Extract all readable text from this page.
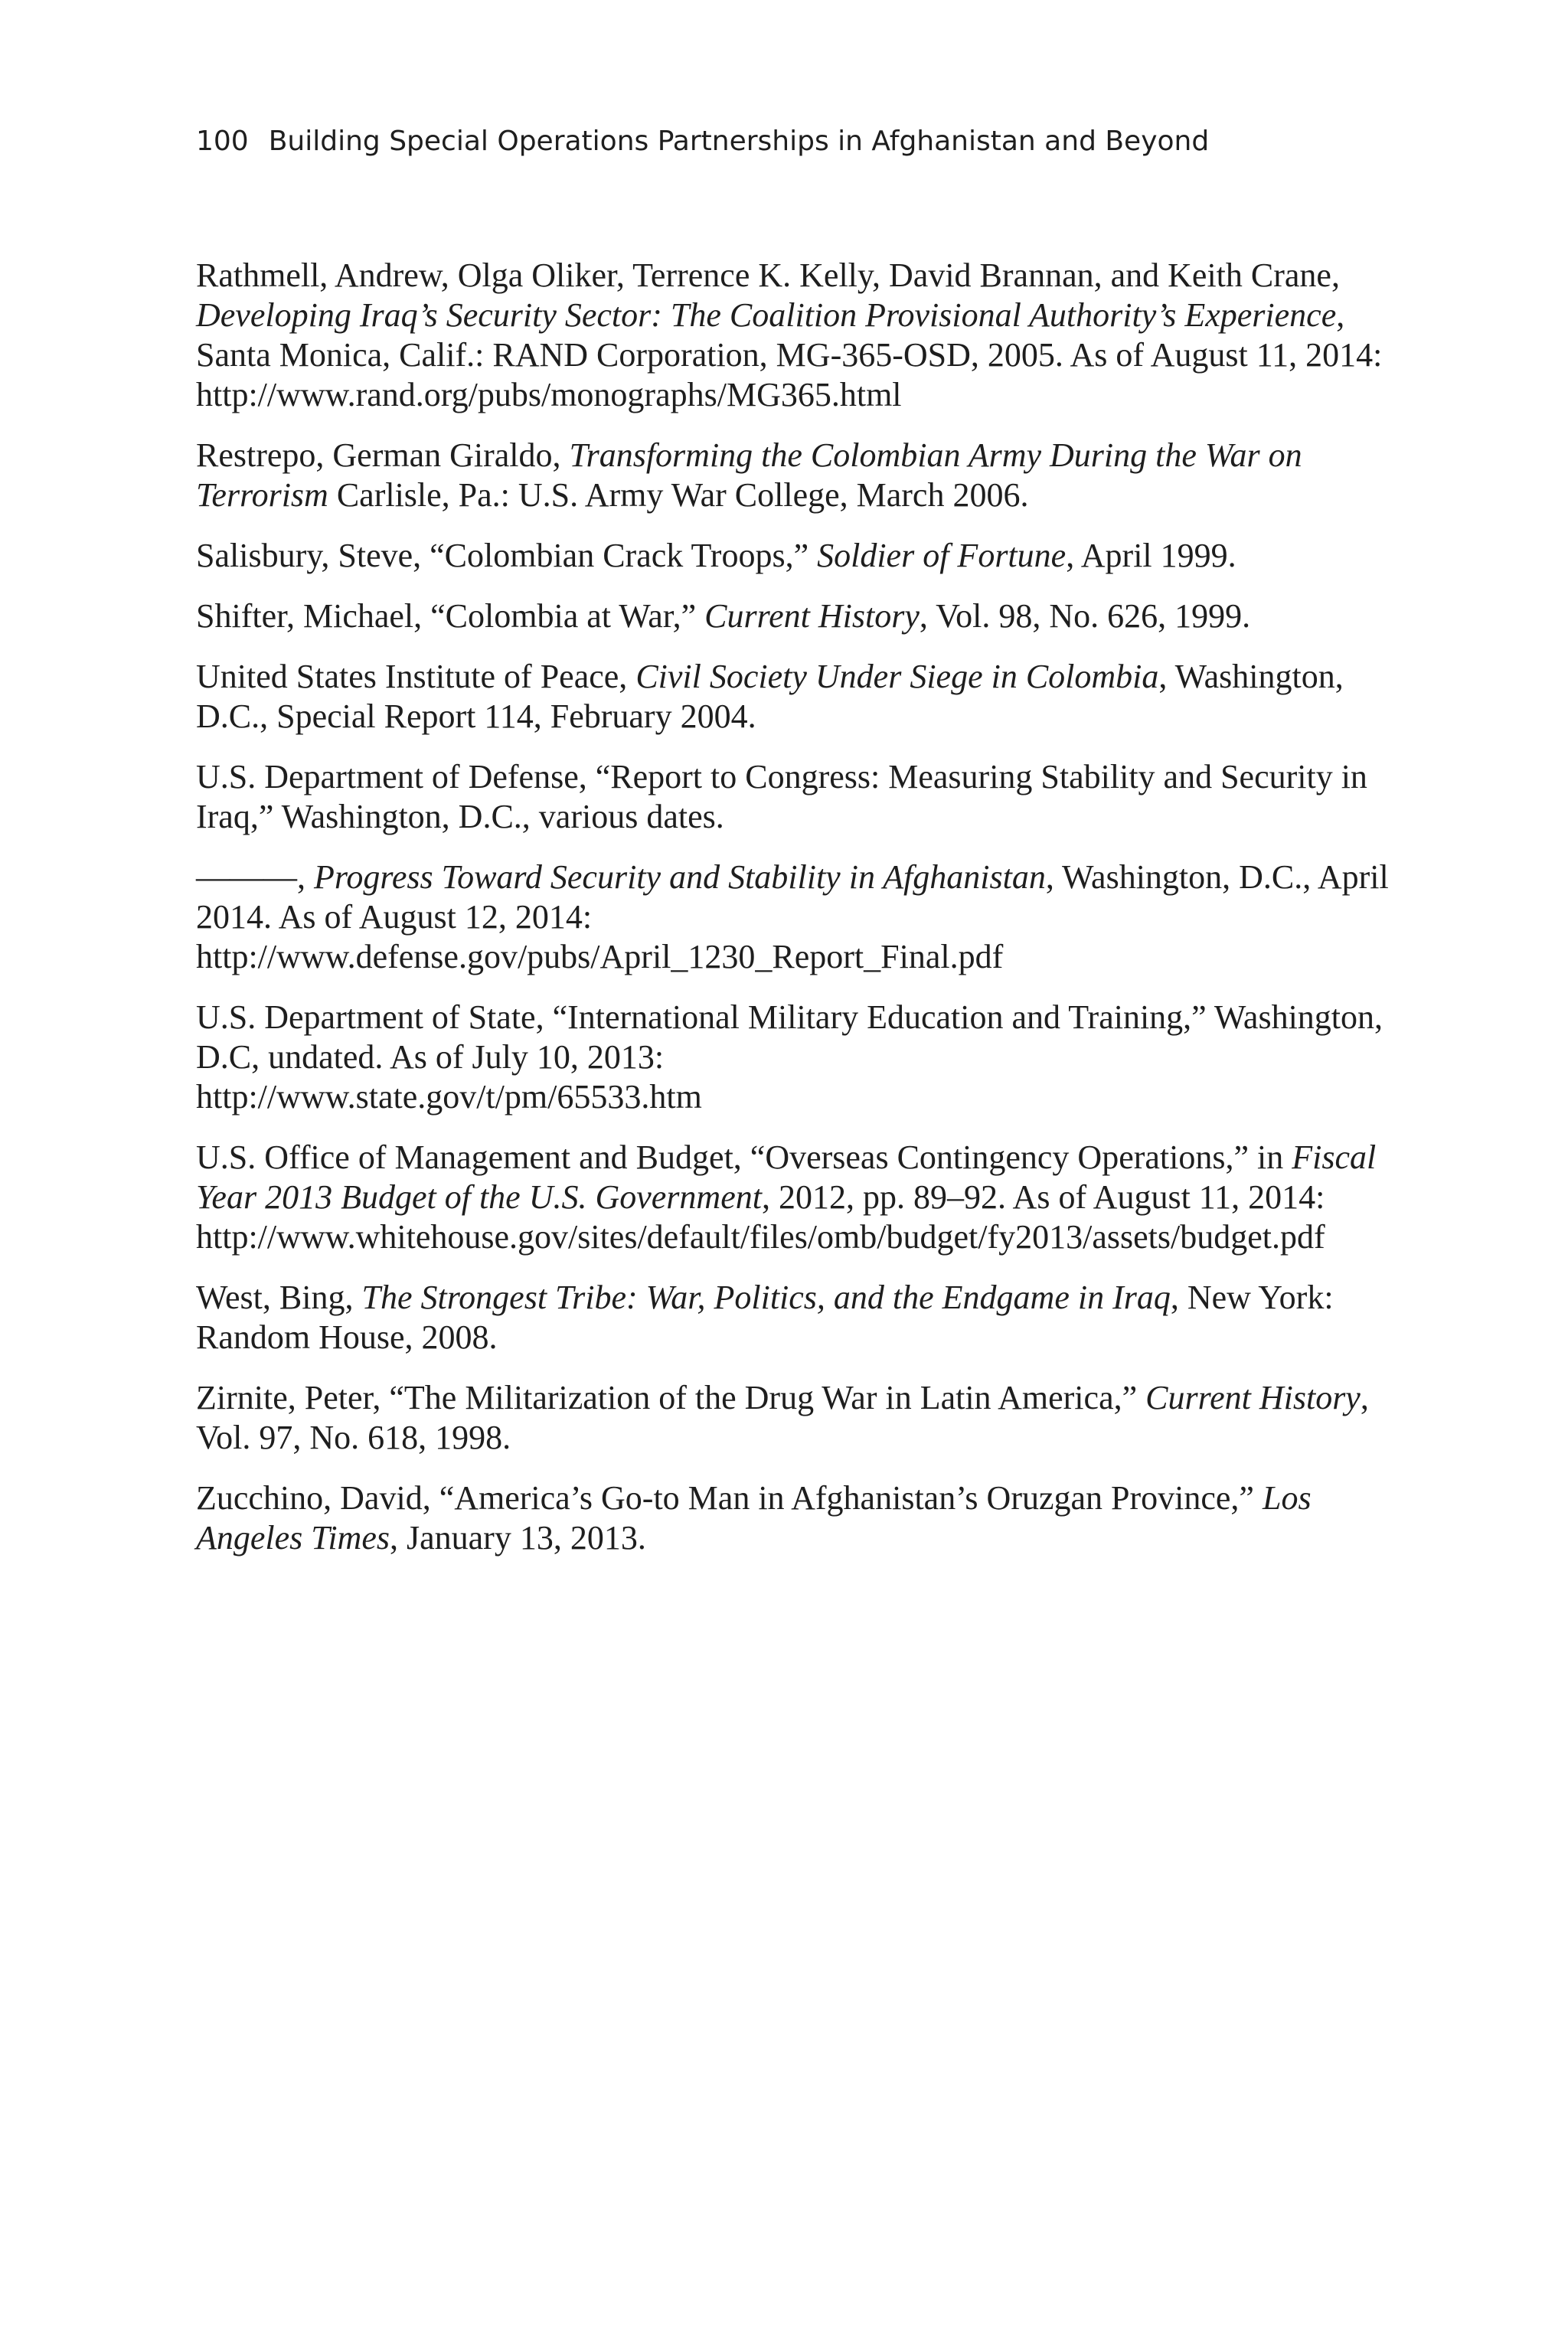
100 Building Special Operations Partnerships in Afghanistan and Beyond

Rathmell, Andrew, Olga Oliker, Terrence K. Kelly, David Brannan, and Keith Crane, Developing Iraq’s Security Sector: The Coalition Provisional Authority’s Experience, Santa Monica, Calif.: RAND Corporation, MG-365-OSD, 2005. As of August 11, 2014:
http://www.rand.org/pubs/monographs/MG365.html

Restrepo, German Giraldo, Transforming the Colombian Army During the War on Terrorism Carlisle, Pa.: U.S. Army War College, March 2006.

Salisbury, Steve, “Colombian Crack Troops,” Soldier of Fortune, April 1999.

Shifter, Michael, “Colombia at War,” Current History, Vol. 98, No. 626, 1999.

United States Institute of Peace, Civil Society Under Siege in Colombia, Washington, D.C., Special Report 114, February 2004.

U.S. Department of Defense, “Report to Congress: Measuring Stability and Security in Iraq,” Washington, D.C., various dates.

———, Progress Toward Security and Stability in Afghanistan, Washington, D.C., April 2014. As of August 12, 2014:
http://www.defense.gov/pubs/April_1230_Report_Final.pdf

U.S. Department of State, “International Military Education and Training,” Washington, D.C, undated. As of July 10, 2013:
http://www.state.gov/t/pm/65533.htm

U.S. Office of Management and Budget, “Overseas Contingency Operations,” in Fiscal Year 2013 Budget of the U.S. Government, 2012, pp. 89–92. As of August 11, 2014:
http://www.whitehouse.gov/sites/default/files/omb/budget/fy2013/assets/budget.pdf

West, Bing, The Strongest Tribe: War, Politics, and the Endgame in Iraq, New York: Random House, 2008.

Zirnite, Peter, “The Militarization of the Drug War in Latin America,” Current History, Vol. 97, No. 618, 1998.

Zucchino, David, “America’s Go-to Man in Afghanistan’s Oruzgan Province,” Los Angeles Times, January 13, 2013.
